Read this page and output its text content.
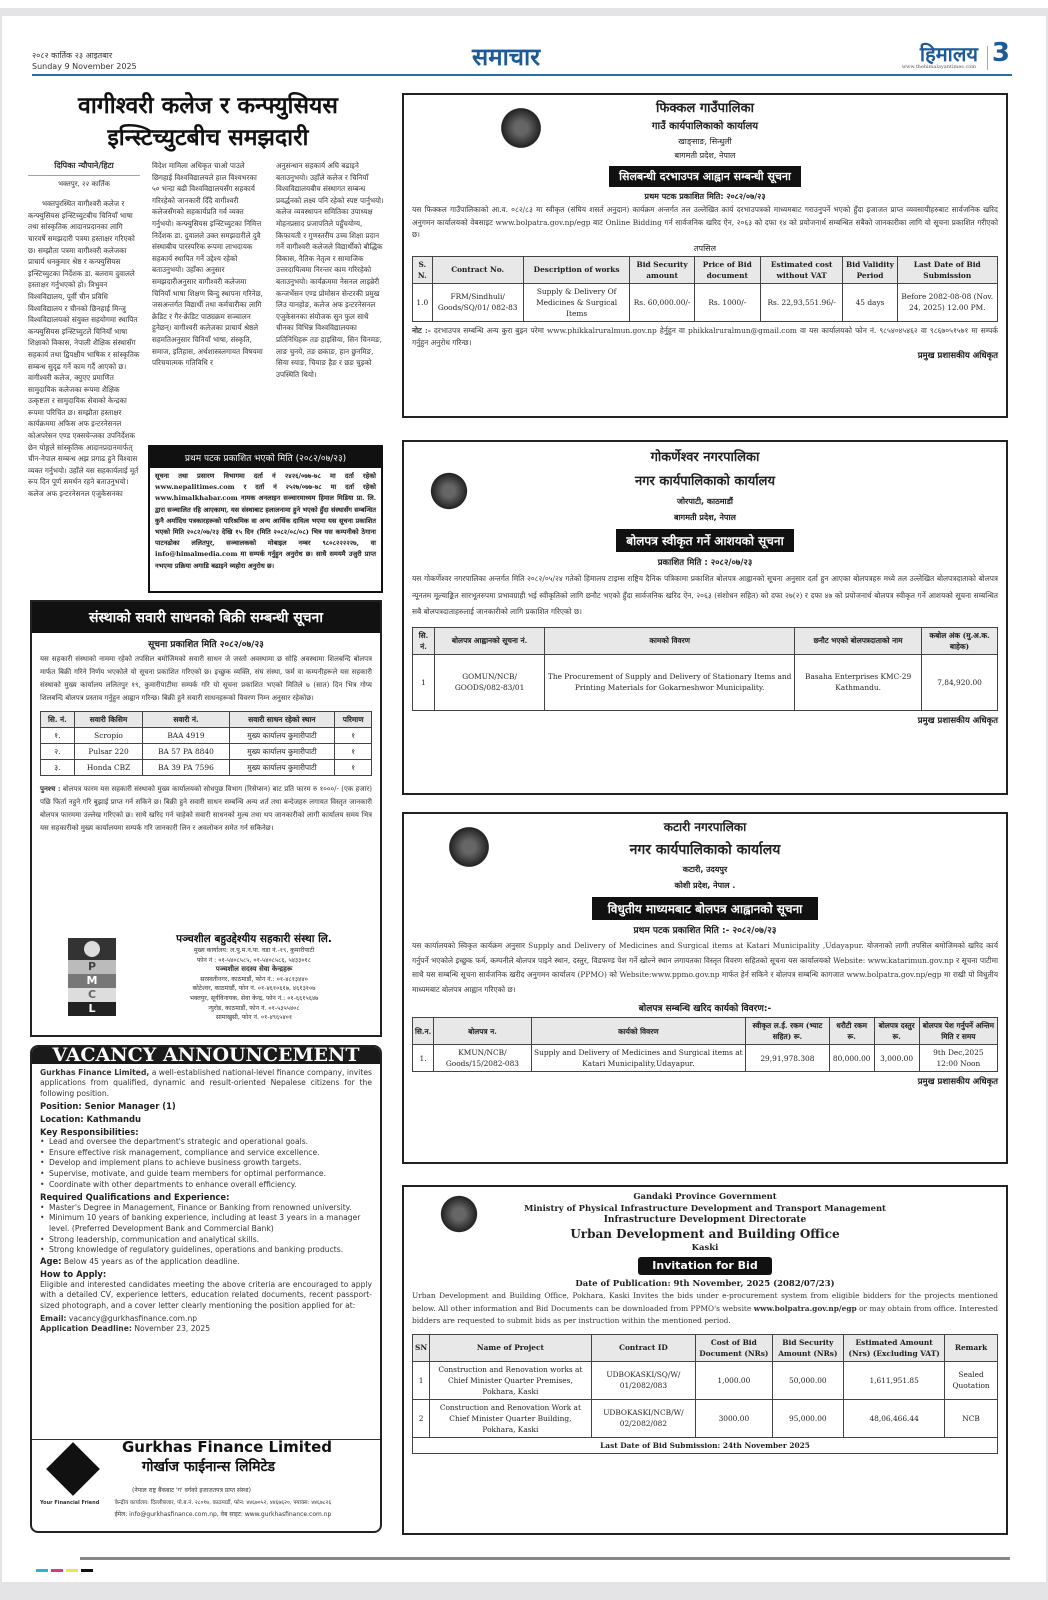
२०८२ कार्तिक २३ आइतबार
Sunday 9 November 2025	समाचार	हिमालय
www.thehimalayantimes.com 3
वागीश्वरी कलेज र कन्फ्युसियस
इन्स्टिच्युटबीच समझदारी
दिपिका न्यौपाने/हिटा
भक्तपुर, २२ कार्तिक
भक्तपुरस्थित वागीश्वरी कलेज र कन्फ्युसियस इन्स्टिच्युटबीच चिनियाँ भाषा तथा सांस्कृतिक आदानप्रदानका लागि चारवर्षे समझदारी पत्रमा हस्ताक्षर गरिएको छ। सम्झौता पत्रमा वागीश्वरी कलेजका प्राचार्य धनकुमार श्रेष्ठ र कन्फ्युसियस इन्स्टिच्युटका निर्देशक डा. बलराम दुवालले हस्ताक्षर गर्नुभएको हो। त्रिभुवन विश्वविद्यालय, पूर्वी चीन प्रविधि विश्वविद्यालय र चीनको छिनहाई मिन्जु विश्वविद्यालयको संयुक्त सहयोगमा स्थापित कन्फ्युसियस इन्स्टिच्युटले चिनियाँ भाषा शिक्षाको विकास, नेपाली शैक्षिक संस्थासँग सहकार्य तथा द्विपक्षीय भाषिक र सांस्कृतिक सम्बन्ध सुदृढ गर्ने काम गर्दै आएको छ। वागीश्वरी कलेज, क्युएए प्रमाणित सामुदायिक कलेजका रूपमा शैक्षिक उत्कृष्टता र सामुदायिक सेवाको केन्द्रका रूपमा परिचित छ। सम्झौता हस्ताक्षर कार्यक्रममा अफिस अफ इन्टरनेसनल कोअपरेसन एण्ड एक्सचेन्जका उपनिर्देशक छेन योङ्गले सांस्कृतिक आदानप्रदानमार्फत् चीन-नेपाल सम्बन्ध अझ प्रगाढ हुने विश्वास व्यक्त गर्नुभयो। उहाँले यस सहकार्यलाई मूर्त रूप दिन पूर्ण समर्थन रहने बताउनुभयो। कलेज अफ इन्टरनेसनल एजुकेसनका
विदेश मामिला अधिकृत चाओ पाउले छिगहाई विश्वविद्यालयले हाल विश्वभरका ५० भन्दा बढी विश्वविद्यालयसँग सहकार्य गरिरहेको जानकारी दिँदै वागीश्वरी कलेजसँगको सहकार्यप्रति गर्व व्यक्त गर्नुभयो। कन्फ्युसियस इन्स्टिच्युटका निमित्त निर्देशक डा. दुवालले उक्त समझदारीले दुवै संस्थाबीच पारस्परिक रूपमा लाभदायक सहकार्य स्थापित गर्ने उद्देश्य रहेको बताउनुभयो। उहाँका अनुसार समझदारीअनुसार वागीश्वरी कलेजमा चिनियाँ भाषा शिक्षण बिन्दु स्थापना गरिनेछ, जसअन्तर्गत विद्यार्थी तथा कर्मचारीका लागि क्रेडिट र गैर-क्रेडिट पाठ्यक्रम सञ्चालन हुनेछन्। वागीश्वरी कलेजका प्राचार्य श्रेष्ठले सहमतिअनुसार चिनियाँ भाषा, संस्कृति, समाज, इतिहास, अर्थशास्त्रलगायत विषयमा परिचयात्मक गतिविधि र
अनुसन्धान सहकार्य अघि बढाइने बताउनुभयो। उहाँले कलेज र चिनियाँ विश्वविद्यालयबीच संस्थागत सम्बन्ध प्रवर्द्धनको लक्ष्य पनि रहेको स्पष्ट पार्नुभयो। कलेज व्यवस्थापन समितिका उपाध्यक्ष मोहनप्रसाद प्रजापतिले पहुँचयोग्य, किफायती र गुणस्तरीय उच्च शिक्षा प्रदान गर्ने वागीश्वरी कलेजले विद्यार्थीको बौद्धिक विकास, नैतिक नेतृत्व र सामाजिक उत्तरदायित्वमा निरन्तर काम गरिरहेको बताउनुभयो। कार्यक्रममा नेसनल लाइब्रेरी कन्जर्भेसन एण्ड प्रोमोसन सेन्टरकी प्रमुख लिउ यानहोङ, कलेज अफ इन्टरनेसनल एजुकेसनका संयोजक सुन फुल साथै चीनका विभिन्न विश्वविद्यालयका प्रतिनिधिहरू तङ हाइसिया, सिन चिनमङ, लाङ चुनये, तङ छकाङ, हान छुनमिङ, सिया स्याङ, चियाङ हैङ र छङ चुइको उपस्थिति थियो।
प्रथम पटक प्रकाशित भएको मिति (२०८२/०७/२३)
सूचना तथा प्रसारण विभागमा दर्ता नं २४२६/०७७-७८ मा दर्ता रहेको www.nepalitimes.com र दर्ता नं २५२७/०७७-७८ मा दर्ता रहेको www.himalkhabar.com नामक अनलाइन सञ्चारमाध्यम हिमाल मिडिया प्रा. लि. द्वारा सञ्चालित रहि आएकामा, यस संस्थाबाट हलालनामा हुने भएको हुँदा संस्थासँग सम्बन्धित कुनै अर्मादिध पत्रकारहरूको पारिश्रमिक वा अन्य आर्थिक दायित्व भएमा यस सूचना प्रकाशित भएको मिति २०८२/०७/२३ देखि १५ दिन (मिति २०८२/०८/०८) भित्र यस कम्पनीको ठेगाना पाटनढोका ललितपुर, सञ्चालकको मोबाइल नम्बर ९८०८२२२२२७, वा info@himalmedia.com मा सम्पर्क गर्नुहुन अनुरोध छ। साथै समयमै उजुरी प्राप्त नभएमा प्रक्रिया अगाडि बढाइने व्यहोरा अनुरोध छ।
संस्थाको सवारी साधनको बिक्री सम्बन्धी सूचना
सूचना प्रकाशित मिति २०८२/०७/२३
यस सहकारी संस्थाको नाममा रहेको तपसिल बमोजिमको सवारी साधन जे जस्तो अवस्थामा छ सोहि अवस्थामा शिलबन्दि बोलपत्र मार्फत बिक्री गरिने निर्णय भएकोले यो सूचना प्रकाशित गरिएको छ। इच्छुक व्यक्ति, संघ संस्था, फर्म वा कम्पनीहरूले यस सहकारी संस्थाको मुख्य कार्यालय ललितपुर १९, कुमारीपाटीमा सम्पर्क गरि यो सूचना प्रकाशित भएको मितिले ७ (सात) दिन भित्र गोप्य शिलबन्दि बोलपत्र प्रस्ताव गर्नुहुन आह्वान गरिन्छ। बिक्री हुने सवारी साधनहरूको विवरण निम्न अनुसार रहेकोछ।
सि. नं.	सवारी किसिम	सवारी नं.	सवारी साधन रहेको स्थान	परिमाण
१.	Scropio	BAA 4919	मुख्य कार्यालय कुमारीपाटी	१
२.	Pulsar 220	BA 57 PA 8840	मुख्य कार्यालय कुमारीपाटी	१
३.	Honda CBZ	BA 39 PA 7596	मुख्य कार्यालय कुमारीपाटी	१
पुनश्च : बोलपत्र फारम यस सहकारी संस्थाको मुख्य कार्यालयको सोधपुछ विभाग (रिसेप्सन) बाट प्रति फारम रु १०००/- (एक हजार) पछि फिर्ता नहुने गरि बुझाई प्राप्त गर्न सकिने छ। बिक्री हुने सवारी साधन सम्बन्धि अन्य शर्त तथा बन्देजहरु लगायत विस्तृत जानकारी बोलपत्र फारममा उल्लेख गरिएको छ। साथै खरिद गर्न चाहेको सवारी साधनको मुल्य तथा थप जानकारीको लागी कार्यालय समय भित्र यस सहकारीको मुख्य कार्यालयमा सम्पर्क गरि जानकारी लिन र अवलोकन समेत गर्न सकिनेछ।
P
M
C
L
पञ्चशील बहुउद्देश्यीय सहकारी संस्था लि.
मुख्य कार्यालय: ल.पु.म.न.पा. वडा नं.-१९, कुमारीपाटी
फोन नं : ०१-५४०८५८५, ०१-५४०८५८६, ५४३३०१८
पञ्चशील सदस्य सेवा केन्द्रहरू
सरस्वतीनगर, काठमाडौं, फोन नं.: ०१-४८१३४४०
कोटेश्वर, काठमाडौं, फोन नं. ०१-४६१०६१७, ४६१३१०७
भक्तपुर, सूर्यविनायक, सेवा केन्द्र, फोन नं.: ०१-६६१५६४७
न्युरोड, काठमाडौं, फोन नं. ०१-५३५५४०८
सामाखुसी, फोन नं. ०१-४९६५४०१
VACANCY ANNOUNCEMENT
Gurkhas Finance Limited, a well-established national-level finance company, invites applications from qualified, dynamic and result-oriented Nepalese citizens for the following position.
Position: Senior Manager (1)
Location: Kathmandu
Key Responsibilities:
• Lead and oversee the department's strategic and operational goals.
• Ensure effective risk management, compliance and service excellence.
• Develop and implement plans to achieve business growth targets.
• Supervise, motivate, and guide team members for optimal performance.
• Coordinate with other departments to enhance overall efficiency.
Required Qualifications and Experience:
• Master's Degree in Management, Finance or Banking from renowned university.
• Minimum 10 years of banking experience, including at least 3 years in a manager level. (Preferred Development Bank and Commercial Bank)
• Strong leadership, communication and analytical skills.
• Strong knowledge of regulatory guidelines, operations and banking products.
Age: Below 45 years as of the application deadline.
How to Apply:
Eligible and interested candidates meeting the above criteria are encouraged to apply with a detailed CV, experience letters, education related documents, recent passport-sized photograph, and a cover letter clearly mentioning the position applied for at:
Email: vacancy@gurkhasfinance.com.np
Application Deadline: November 23, 2025
Your Financial Friend
Gurkhas Finance Limited
गोर्खाज फाईनान्स लिमिटेड
(नेपाल राष्ट्र बैंकबाट 'ग' वर्गको इजाजतपत्र प्राप्त संस्था)
केन्द्रीय कार्यालय: दिल्लीबजार, पो.ब.नं. २८०१७, काठमाडौं, फोन: ४४६७०५२, ४४६७६२०, फ्याक्स: ४४६७८२६
ईमेल: info@gurkhasfinance.com.np, वेब साइट: www.gurkhasfinance.com.np
फिक्कल गाउँपालिका
गाउँ कार्यपालिकाको कार्यालय
खाङ्साङ, सिन्धुली
बागमती प्रदेश, नेपाल
सिलबन्धी दरभाउपत्र आह्वान सम्बन्धी सूचना
प्रथम पटक प्रकाशित मिति: २०८२/०७/२३
यस फिक्कल गाउँपालिकाको आ.व. ०८२/८३ मा स्वीकृत (संघिय शसर्त अनुदान) कार्यक्रम अन्तर्गत तल उल्लेखित कार्य दरभाउपत्रको माध्यमबाट गराउनुपर्ने भएको हुँदा इजाजत प्राप्त व्यवसायीहरुबाट सार्वजनिक खरिद अनुगमन कार्यालयको वेबसाइट www.bolpatra.gov.np/egp बाट Online Bidding गर्न सार्वजनिक खरिद ऐन, २०६३ को दफा १४ को प्रयोजनार्थ सम्बन्धित सबैको जानकारीका लागि यो सूचना प्रकाशित गरीएको छ।
तपसिल
S. N.	Contract No.	Description of works	Bid Security amount	Price of Bid document	Estimated cost without VAT	Bid Validity Period	Last Date of Bid Submission
1.0	FRM/Sindhuli/ Goods/SQ/01/ 082-83	Supply & Delivery Of Medicines & Surgical Items	Rs. 60,000.00/-	Rs. 1000/-	Rs. 22,93,551.96/-	45 days	Before 2082-08-08 (Nov. 24, 2025) 12.00 PM.
नोट :- दरभाउपत्र सम्बन्धि अन्य कुरा बुझ्न परेमा www.phikkalruralmun.gov.np हेर्नुहुन वा phikkalruralmun@gmail.com वा यस कार्यालयको फोन नं. ९८५४०४५४६२ वा ९८६७०५१५७१ मा सम्पर्क गर्नुहुन अनुरोध गरिन्छ।
प्रमुख प्रशासकीय अधिकृत
गोकर्णेश्वर नगरपालिका
नगर कार्यपालिकाको कार्यालय
जोरपाटी, काठमाडौं
बागमती प्रदेश, नेपाल
बोलपत्र स्वीकृत गर्ने आशयको सूचना
प्रकाशित मिति : २०८२/०७/२३
यस गोकर्णेश्वर नगरपालिका अन्तर्गत मिति २०८२/०५/२४ गतेको हिमालय टाइम्स राष्ट्रिय दैनिक पत्रिकामा प्रकाशित बोलपत्र आह्वानको सूचना अनुसार दर्ता हुन आएका बोलपत्रहरु मध्ये तल उल्लेखित बोलपत्रदाताको बोलपत्र न्यूनतम मूल्याङ्कित सारभूतरुपमा प्रभावग्राही भई स्वीकृतिको लागि छनौट भएको हुँदा सार्वजनिक खरिद ऐन, २०६३ (संशोधन सहित) को दफा २७(२) र दफा ४७ को प्रयोजनार्थ बोलपत्र स्वीकृत गर्ने आशयको सूचना सम्बन्धित सबै बोलपत्रदाताहरुलाई जानकारीको लागि प्रकाशित गरिएको छ।
सि. नं.	बोलपत्र आह्वानको सूचना नं.	कामको विवरण	छनौट भएको बोलपत्रदाताको नाम	कबोल अंक (मु.अ.क. बाहेक)
1	GOMUN/NCB/ GOODS/082-83/01	The Procurement of Supply and Delivery of Stationary Items and Printing Materials for Gokarneshwor Municipality.	Basaha Enterprises KMC-29 Kathmandu.	7,84,920.00
प्रमुख प्रशासकीय अधिकृत
कटारी नगरपालिका
नगर कार्यपालिकाको कार्यालय
कटारी, उदयपुर
कोशी प्रदेश, नेपाल .
विधुतीय माध्यमबाट बोलपत्र आह्वानको सूचना
प्रथम पटक प्रकाशित मिति :- २०८२/०७/२३
यस कार्यालयको स्विकृत कार्यक्रम अनुसार Supply and Delivery of Medicines and Surgical items at Katari Municipality ,Udayapur. योजनाको लागी तपसिल बमोजिमको खरिद कार्य गर्नुपर्ने भएकोले इच्छुक फर्म, कम्पनीले बोलपत्र पाइने स्थान, दस्तुर, विडफण्ड पेश गर्ने खोल्ने स्थान लगायतका विस्तृत विवरण सहितको सूचना यस कार्यालयको Website: www.katarimun.gov.np र सूचना पाटीमा साथै यस सम्बन्धि सूचना सार्वजनिक खरीद अनुगमन कार्यालय (PPMO) को Website:www.ppmo.gov.np मार्फत हेर्न सकिने र बोलपत्र सम्बन्धि कागजात www.bolpatra.gov.np/egp मा राखी यो विधुतीय माध्यमबाट बोलपत्र आह्वान गरिएको छ।
बोलपत्र सम्बन्धि खरिद कार्यको विवरण:-
सि.न.	बोलपत्र न.	कार्यको विवरण	स्वीकृत ल.ई. रकम (भ्याट सहित) रू.	धरौटी रकम रू.	बोलपत्र दस्तुर रू.	बोलपत्र पेश गर्नुपर्ने अन्तिम मिति र समय
1.	KMUN/NCB/ Goods/15/2082-083	Supply and Delivery of Medicines and Surgical items at Katari Municipality,Udayapur.	29,91,978.308	80,000.00	3,000.00	9th Dec,2025 12:00 Noon
प्रमुख प्रशासकीय अधिकृत
Gandaki Province Government
Ministry of Physical Infrastructure Development and Transport Management
Infrastructure Development Directorate
Urban Development and Building Office
Kaski
Invitation for Bid
Date of Publication: 9th November, 2025 (2082/07/23)
Urban Development and Building Office, Pokhara, Kaski Invites the bids under e-procurement system from eligible bidders for the projects mentioned below. All other information and Bid Documents can be downloaded from PPMO's website www.bolpatra.gov.np/egp or may obtain from office. Interested bidders are requested to submit bids as per instruction within the mentioned period.
SN	Name of Project	Contract ID	Cost of Bid Document (NRs)	Bid Security Amount (NRs)	Estimated Amount (Nrs) (Excluding VAT)	Remark
1	Construction and Renovation works at Chief Minister Quarter Premises, Pokhara, Kaski	UDBOKASKI/SQ/W/ 01/2082/083	1,000.00	50,000.00	1,611,951.85	Sealed Quotation
2	Construction and Renovation Work at Chief Minister Quarter Building, Pokhara, Kaski	UDBOKASKI/NCB/W/ 02/2082/082	3000.00	95,000.00	48,06,466.44	NCB
Last Date of Bid Submission: 24th November 2025						
